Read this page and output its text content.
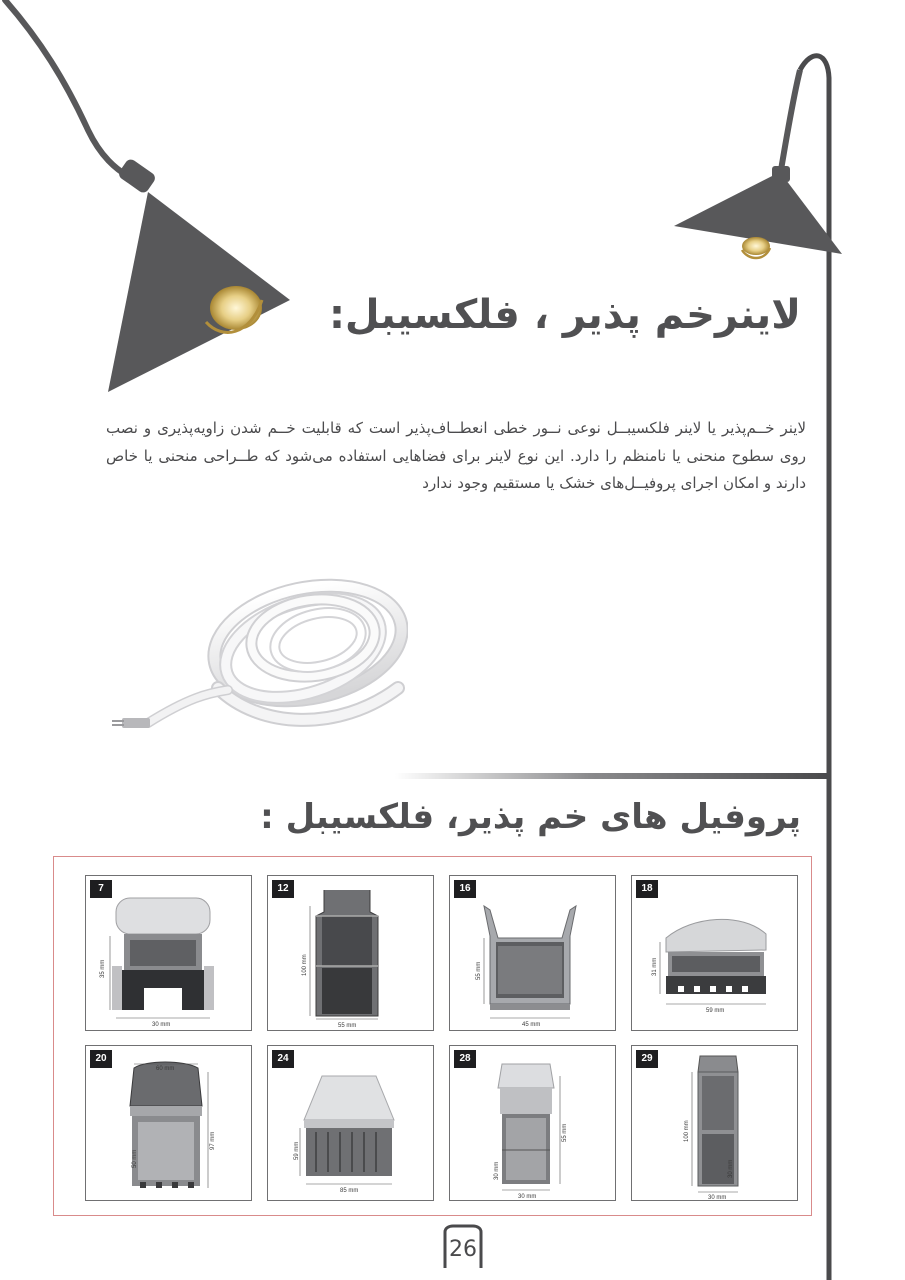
لاینرخم پذیر ، فلکسیبل:

لاینر خــم‌پذیر یا لاینر فلکسیبــل نوعی نــور خطی انعطــاف‌پذیر است که قابلیت خــم شدن زاویه‌پذیری و نصب روی سطوح منحنی یا نامنظم را دارد. این نوع لاینر برای فضاهایی استفاده می‌شود که طــراحی منحنی یا خاص دارند و امکان اجرای پروفیــل‌های خشک یا مستقیم وجود ندارد

پروفیل های خم پذیر، فلکسیبل :
30 mm
35 mm
7
55 mm
100 mm
12
45 mm
55 mm
16
59 mm
31 mm
18
60 mm
97 mm
50 mm
20
85 mm
59 mm
24
30 mm
55 mm
30 mm
28
30 mm
100 mm
30 mm
29
26
